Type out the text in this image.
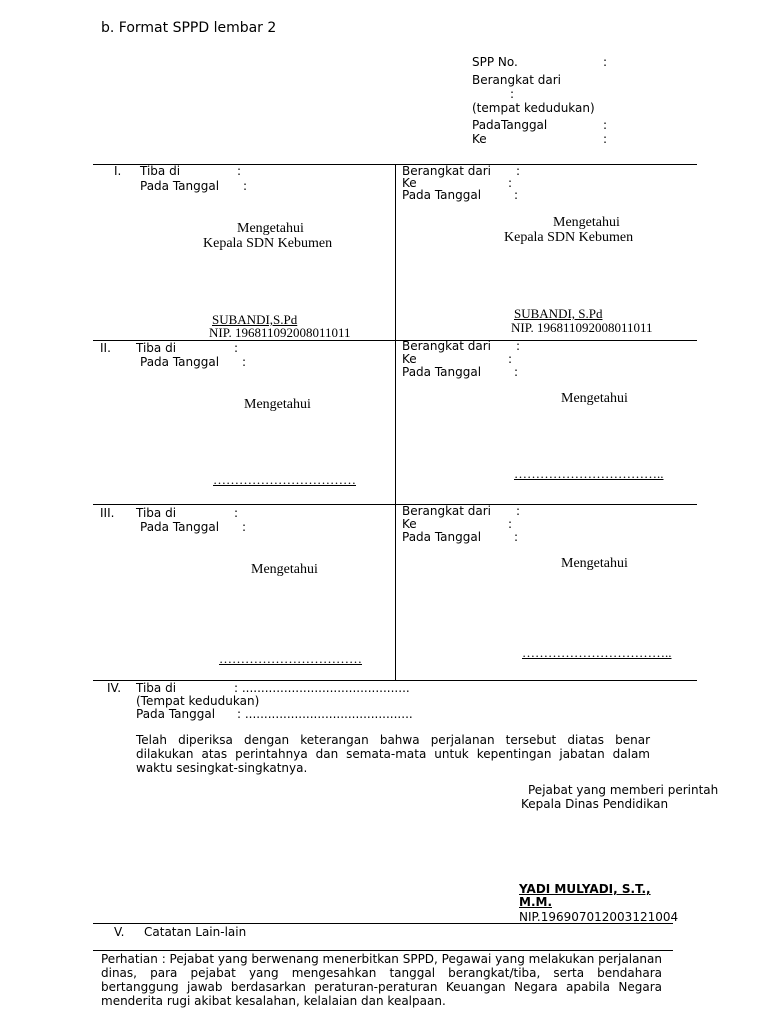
b. Format SPPD lembar 2
SPP No.	:
Berangkat dari
:
(tempat kedudukan)
PadaTanggal	:
Ke	:
I. Tiba di	:
Pada Tanggal :
Mengetahui
Kepala SDN Kebumen
SUBANDI,S.Pd
NIP. 196811092008011011
Berangkat dari :
Ke	:
Pada Tanggal	:
Mengetahui
Kepala SDN Kebumen
SUBANDI, S.Pd
NIP. 196811092008011011
II. Tiba di	:
Pada Tanggal :
Mengetahui
……………………………
Berangkat dari :
Ke	:
Pada Tanggal	:
Mengetahui
……………………………..
III. Tiba di	:
Pada Tanggal :
Mengetahui
……………………………
Berangkat dari :
Ke	:
Pada Tanggal	:
Mengetahui
……………………………..
IV. Tiba di	: ............................................
(Tempat kedudukan)
Pada Tanggal : ............................................
Telah diperiksa dengan keterangan bahwa perjalanan tersebut diatas benar dilakukan atas perintahnya dan semata-mata untuk kepentingan jabatan dalam waktu sesingkat-singkatnya.
Pejabat yang memberi perintah
Kepala Dinas Pendidikan
YADI MULYADI, S.T.,
M.M.
NIP.196907012003121004
V. Catatan Lain-lain
Perhatian : Pejabat yang berwenang menerbitkan SPPD, Pegawai yang melakukan perjalanan dinas, para pejabat yang mengesahkan tanggal berangkat/tiba, serta bendahara bertanggung jawab berdasarkan peraturan-peraturan Keuangan Negara apabila Negara menderita rugi akibat kesalahan, kelalaian dan kealpaan.
